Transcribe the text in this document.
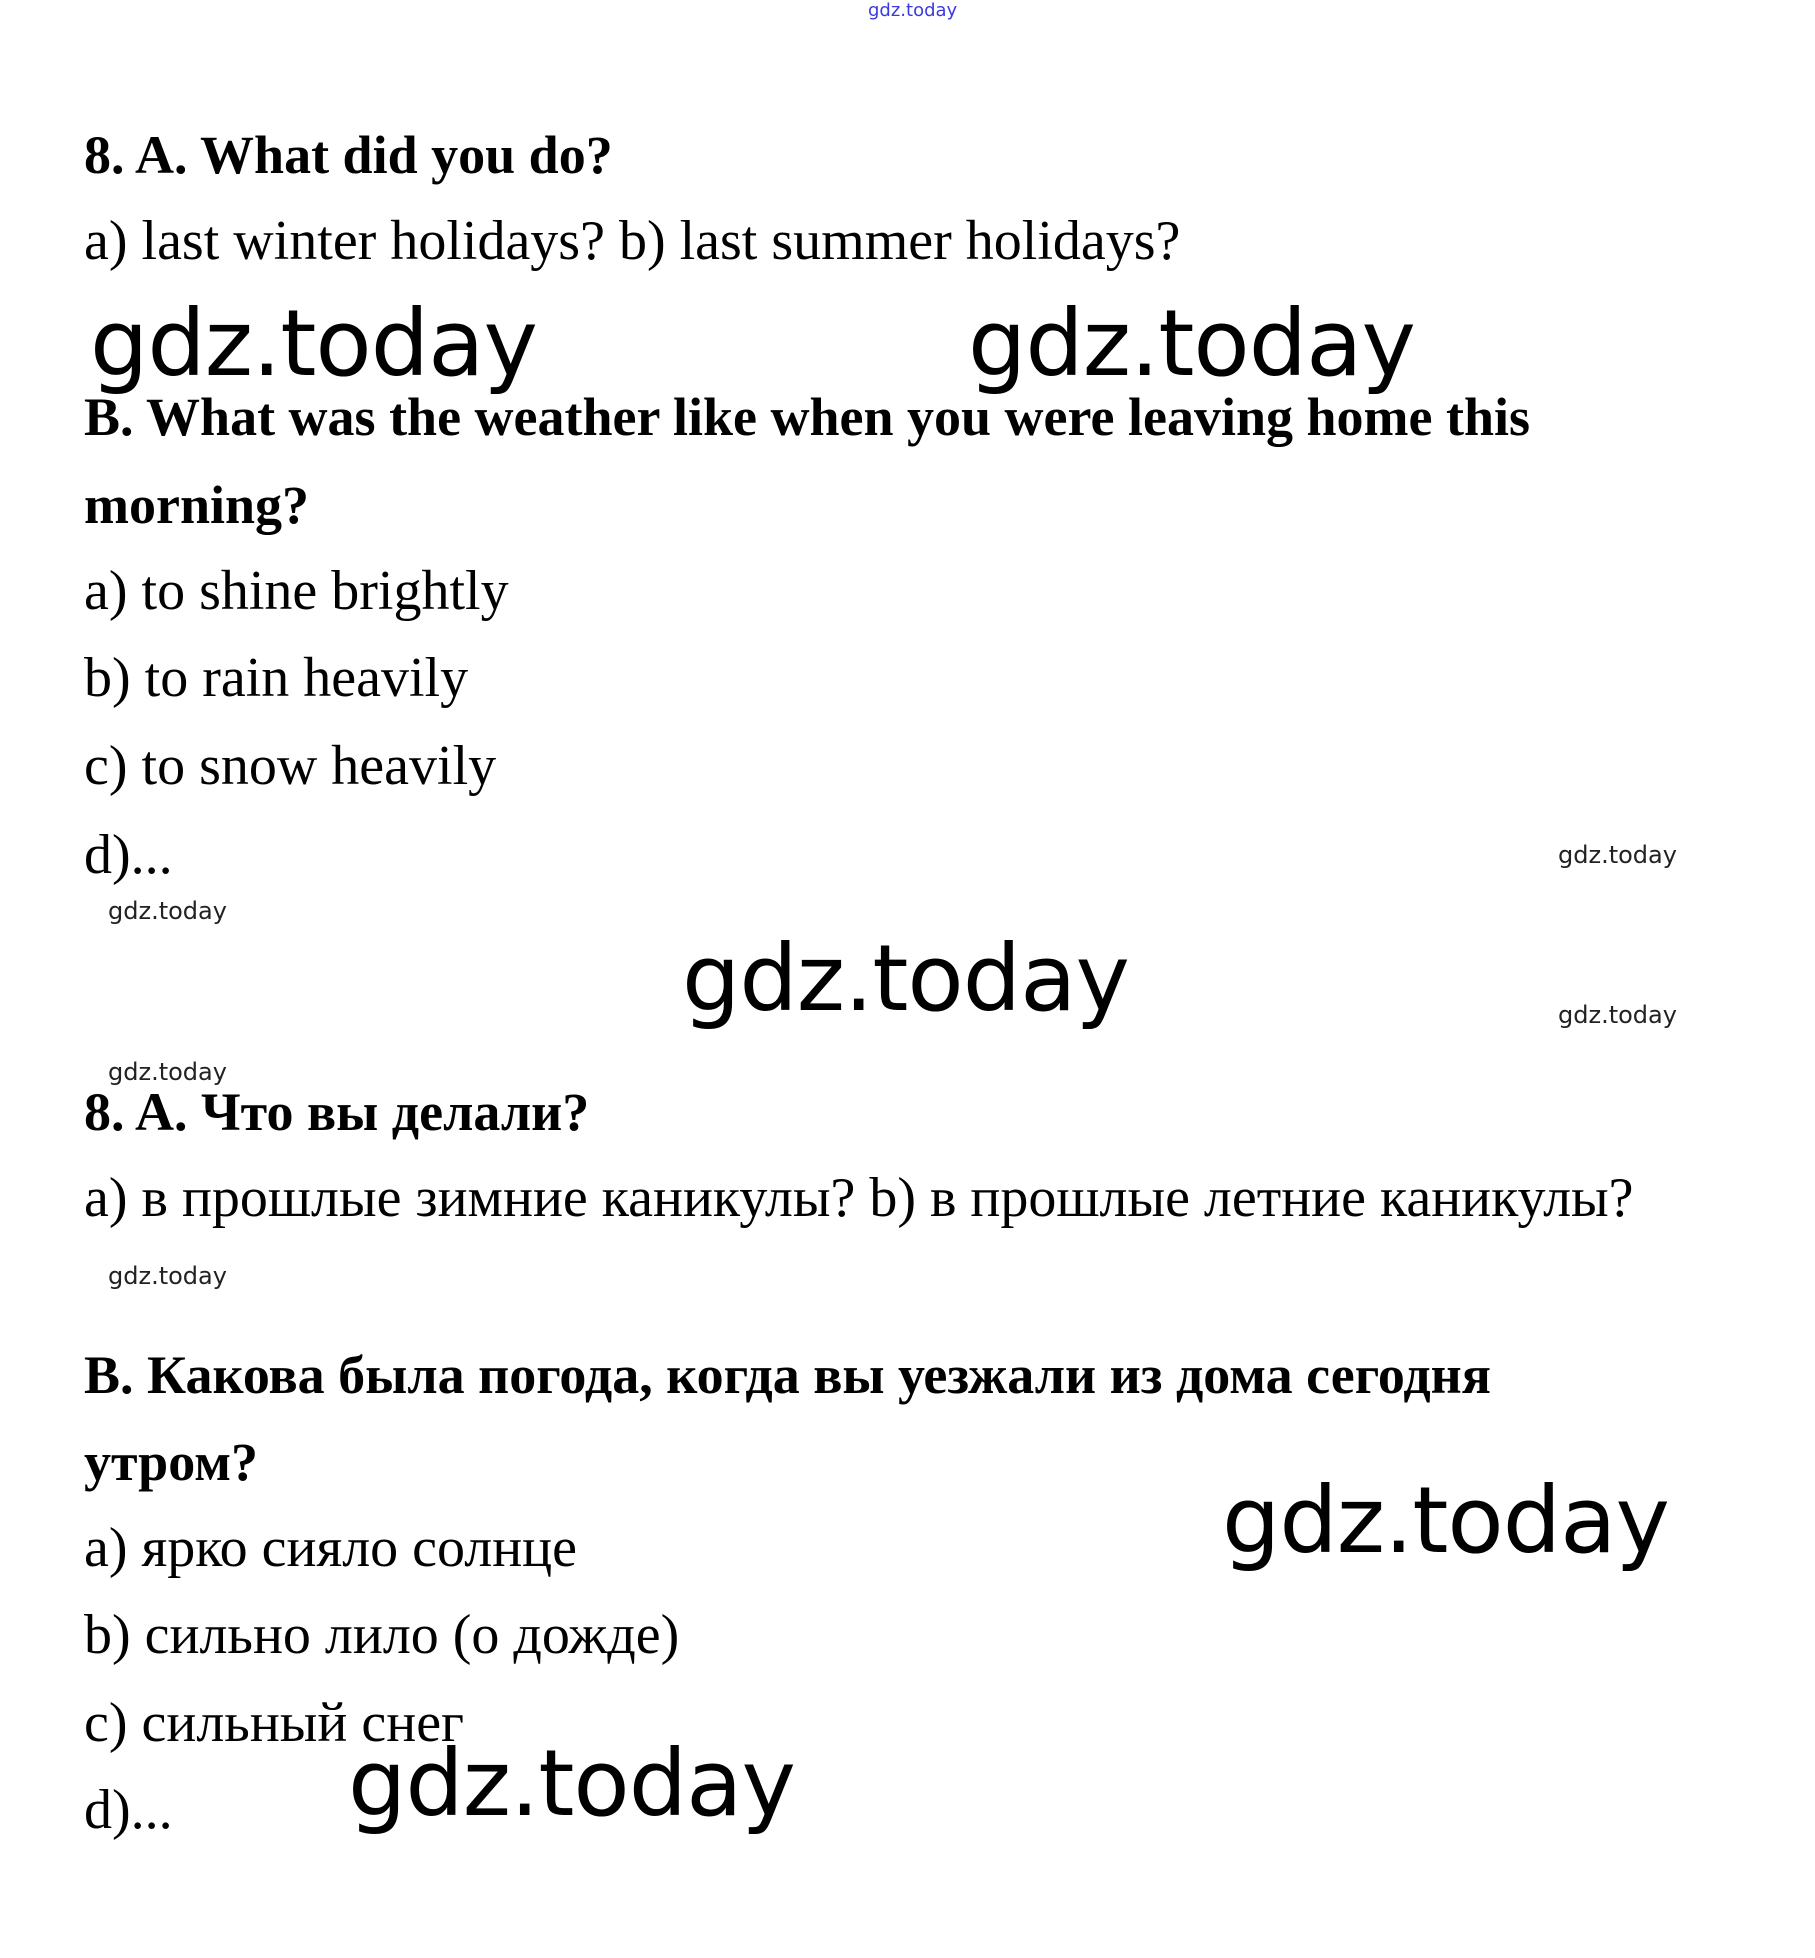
gdz.today
8. A. What did you do?
a) last winter holidays? b) last summer holidays?
gdz.today	gdz.today
B. What was the weather like when you were leaving home this
morning?
a) to shine brightly
b) to rain heavily
c) to snow heavily
d)...	gdz.today
gdz.today
gdz.today	gdz.today
gdz.today
8. A. Что вы делали?
a) в прошлые зимние каникулы? b) в прошлые летние каникулы?
gdz.today
B. Какова была погода, когда вы уезжали из дома сегодня
утром?
gdz.today
a) ярко сияло солнце
b) сильно лило (о дожде)
c) сильный снег
d)... gdz.today
